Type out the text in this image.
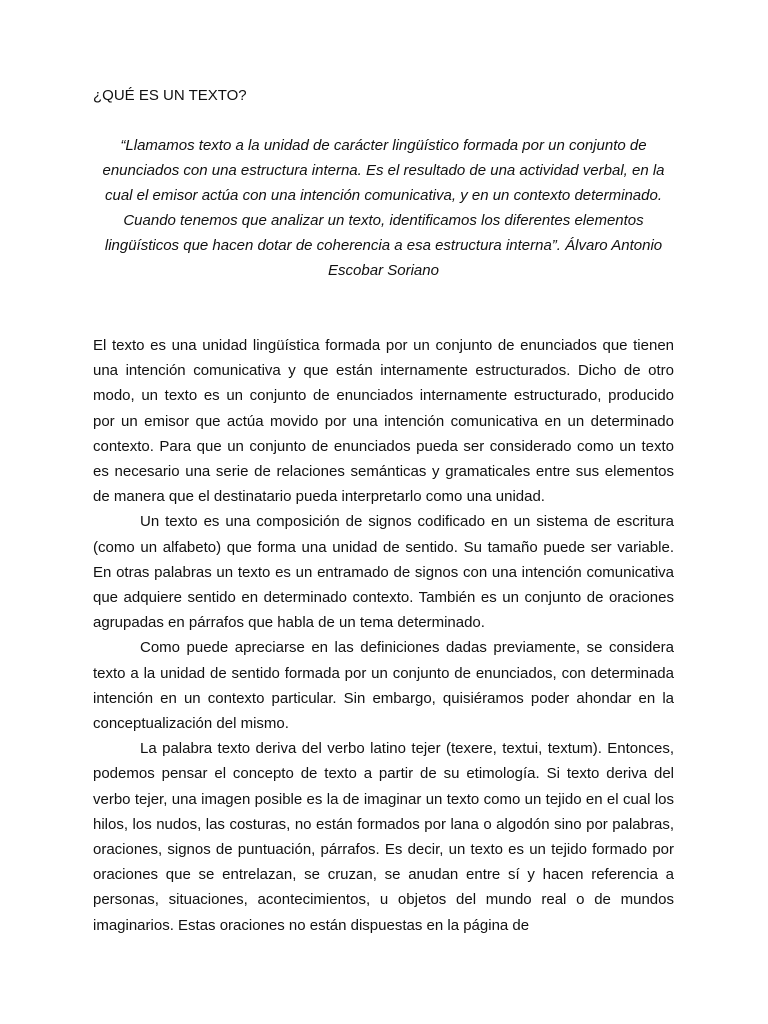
¿QUÉ ES UN TEXTO?

“Llamamos texto a la unidad de carácter lingüístico formada por un conjunto de enunciados con una estructura interna. Es el resultado de una actividad verbal, en la cual el emisor actúa con una intención comunicativa, y en un contexto determinado. Cuando tenemos que analizar un texto, identificamos los diferentes elementos lingüísticos que hacen dotar de coherencia a esa estructura interna”. Álvaro Antonio Escobar Soriano

El texto es una unidad lingüística formada por un conjunto de enunciados que tienen una intención comunicativa y que están internamente estructurados. Dicho de otro modo, un texto es un conjunto de enunciados internamente estructurado, producido por un emisor que actúa movido por una intención comunicativa en un determinado contexto. Para que un conjunto de enunciados pueda ser considerado como un texto es necesario una serie de relaciones semánticas y gramaticales entre sus elementos de manera que el destinatario pueda interpretarlo como una unidad.

Un texto es una composición de signos codificado en un sistema de escritura (como un alfabeto) que forma una unidad de sentido. Su tamaño puede ser variable. En otras palabras un texto es un entramado de signos con una intención comunicativa que adquiere sentido en determinado contexto. También es un conjunto de oraciones agrupadas en párrafos que habla de un tema determinado.

Como puede apreciarse en las definiciones dadas previamente, se considera texto a la unidad de sentido formada por un conjunto de enunciados, con determinada intención en un contexto particular. Sin embargo, quisiéramos poder ahondar en la conceptualización del mismo.

La palabra texto deriva del verbo latino tejer (texere, textui, textum). Entonces, podemos pensar el concepto de texto a partir de su etimología. Si texto deriva del verbo tejer, una imagen posible es la de imaginar un texto como un tejido en el cual los hilos, los nudos, las costuras, no están formados por lana o algodón sino por palabras, oraciones, signos de puntuación, párrafos. Es decir, un texto es un tejido formado por oraciones que se entrelazan, se cruzan, se anudan entre sí y hacen referencia a personas, situaciones, acontecimientos, u objetos del mundo real o de mundos imaginarios. Estas oraciones no están dispuestas en la página de
